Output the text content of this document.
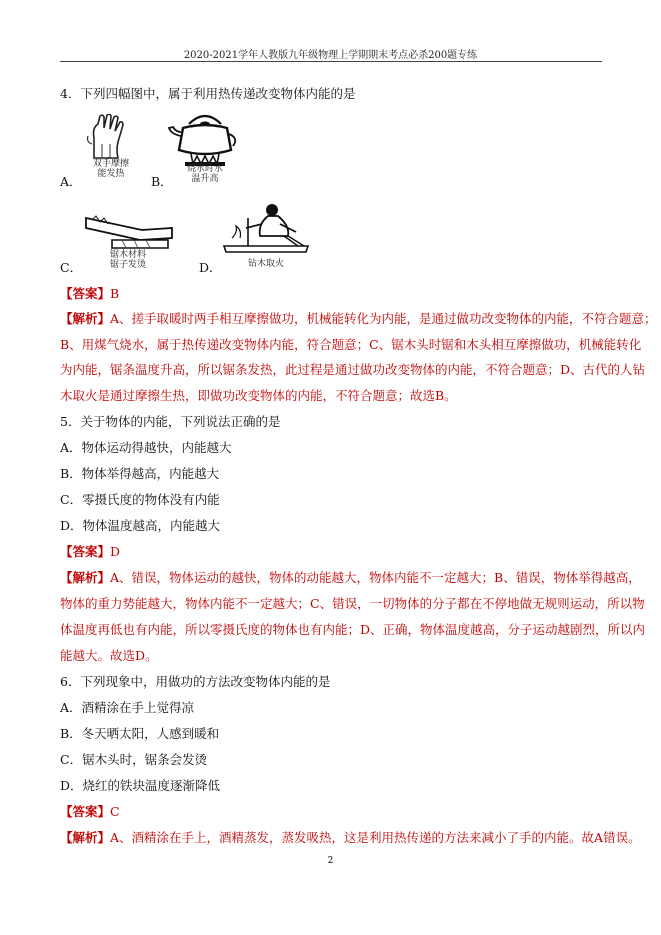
2020-2021学年人教版九年级物理上学期期末考点必杀200题专练
4．下列四幅图中，属于利用热传递改变物体内能的是
双手摩擦
能发热
A．
烧水时水
温升高
B．
锯木材料
锯子发烫
C．	钻木取火
D．
【答案】B
【解析】A、搓手取暖时两手相互摩擦做功，机械能转化为内能，是通过做功改变物体的内能，不符合题意；
B、用煤气烧水，属于热传递改变物体内能，符合题意；C、锯木头时锯和木头相互摩擦做功，机械能转化
为内能，锯条温度升高，所以锯条发热，此过程是通过做功改变物体的内能，不符合题意；D、古代的人钻
木取火是通过摩擦生热，即做功改变物体的内能，不符合题意；故选B。
5．关于物体的内能，下列说法正确的是
A．物体运动得越快，内能越大
B．物体举得越高，内能越大
C．零摄氏度的物体没有内能
D．物体温度越高，内能越大
【答案】D
【解析】A、错误，物体运动的越快，物体的动能越大，物体内能不一定越大；B、错误，物体举得越高，
物体的重力势能越大，物体内能不一定越大；C、错误，一切物体的分子都在不停地做无规则运动，所以物
体温度再低也有内能，所以零摄氏度的物体也有内能；D、正确，物体温度越高，分子运动越剧烈，所以内
能越大。故选D。
6．下列现象中，用做功的方法改变物体内能的是
A．酒精涂在手上觉得凉
B．冬天晒太阳，人感到暖和
C．锯木头时，锯条会发烫
D．烧红的铁块温度逐渐降低
【答案】C
【解析】A、酒精涂在手上，酒精蒸发，蒸发吸热，这是利用热传递的方法来减小了手的内能。故A错误。
2
